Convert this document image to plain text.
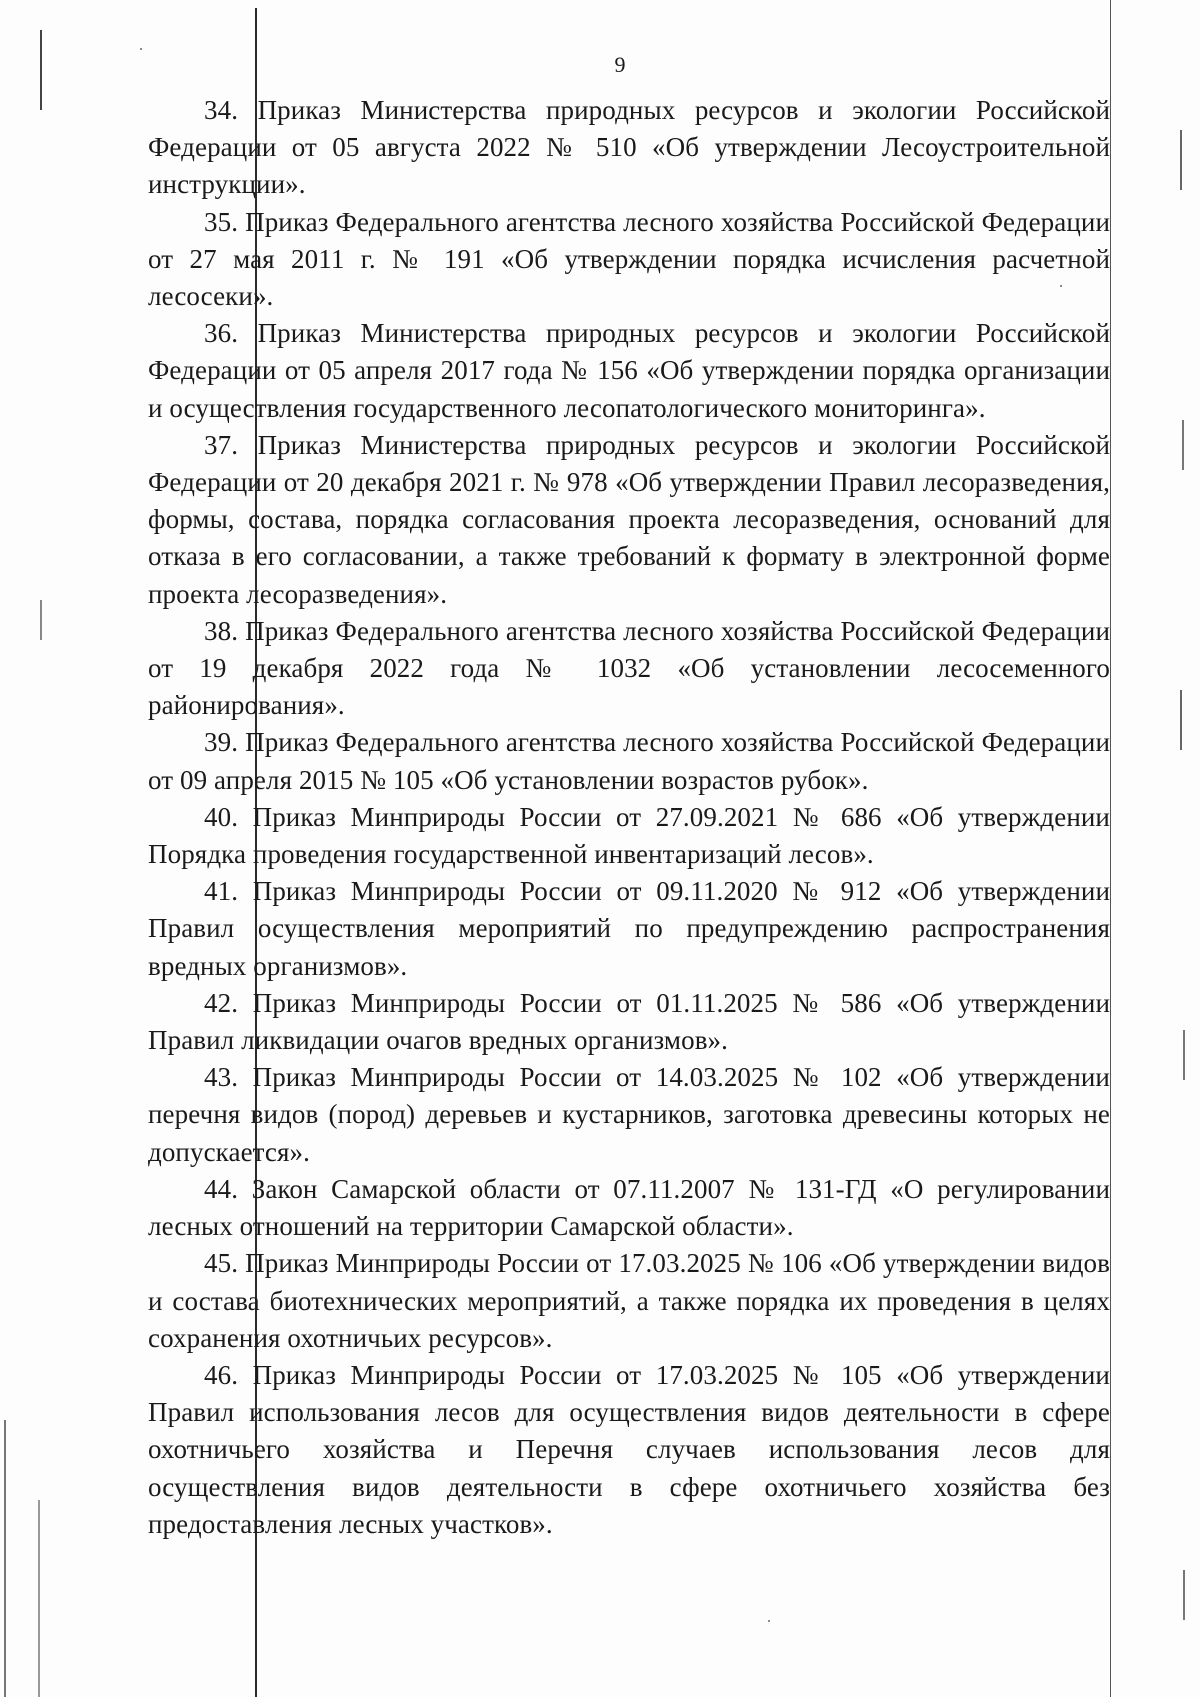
9

34. Приказ Министерства природных ресурсов и экологии Российской Федерации от 05 августа 2022 № 510 «Об утверждении Лесоустроительной инструкции».

35. Приказ Федерального агентства лесного хозяйства Российской Федерации от 27 мая 2011 г. № 191 «Об утверждении порядка исчисления расчетной лесосеки».

36. Приказ Министерства природных ресурсов и экологии Российской Федерации от 05 апреля 2017 года № 156 «Об утверждении порядка организации и осуществления государственного лесопатологического мониторинга».

37. Приказ Министерства природных ресурсов и экологии Российской Федерации от 20 декабря 2021 г. № 978 «Об утверждении Правил лесоразведения, формы, состава, порядка согласования проекта лесоразведения, оснований для отказа в его согласовании, а также требований к формату в электронной форме проекта лесоразведения».

38. Приказ Федерального агентства лесного хозяйства Российской Федерации от 19 декабря 2022 года № 1032 «Об установлении лесосеменного районирования».

39. Приказ Федерального агентства лесного хозяйства Российской Федерации от 09 апреля 2015 № 105 «Об установлении возрастов рубок».

40. Приказ Минприроды России от 27.09.2021 № 686 «Об утверждении Порядка проведения государственной инвентаризаций лесов».

41. Приказ Минприроды России от 09.11.2020 № 912 «Об утверждении Правил осуществления мероприятий по предупреждению распространения вредных организмов».

42. Приказ Минприроды России от 01.11.2025 № 586 «Об утверждении Правил ликвидации очагов вредных организмов».

43. Приказ Минприроды России от 14.03.2025 № 102 «Об утверждении перечня видов (пород) деревьев и кустарников, заготовка древесины которых не допускается».

44. Закон Самарской области от 07.11.2007 № 131-ГД «О регулировании лесных отношений на территории Самарской области».

45. Приказ Минприроды России от 17.03.2025 № 106 «Об утверждении видов и состава биотехнических мероприятий, а также порядка их проведения в целях сохранения охотничьих ресурсов».

46. Приказ Минприроды России от 17.03.2025 № 105 «Об утверждении Правил использования лесов для осуществления видов деятельности в сфере охотничьего хозяйства и Перечня случаев использования лесов для осуществления видов деятельности в сфере охотничьего хозяйства без предоставления лесных участков».
